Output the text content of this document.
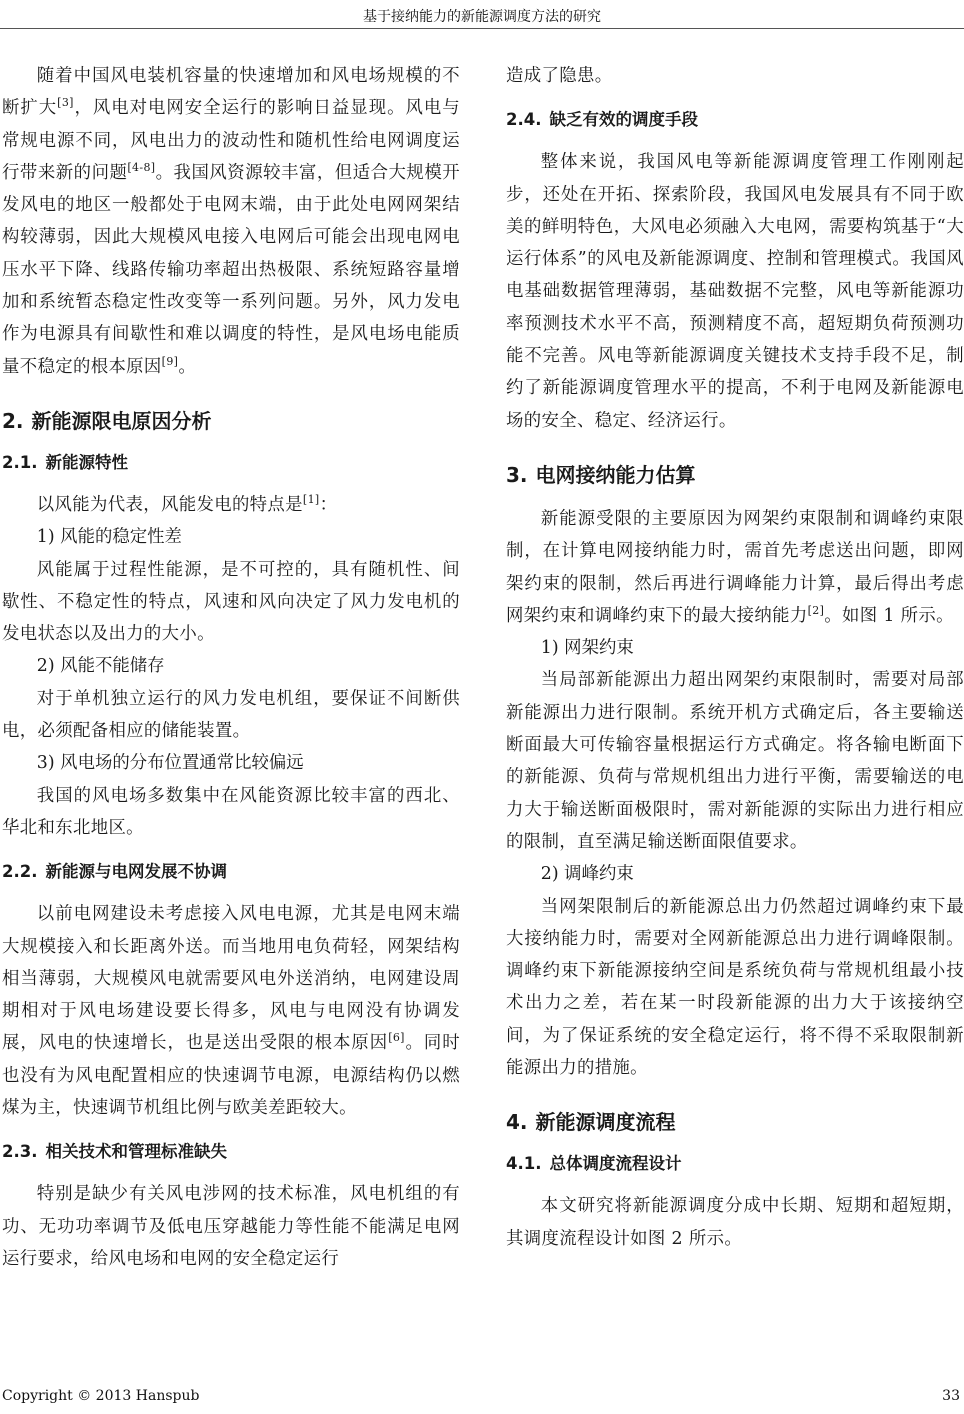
基于接纳能力的新能源调度方法的研究

随着中国风电装机容量的快速增加和风电场规模的不断扩大[3]，风电对电网安全运行的影响日益显现。风电与常规电源不同，风电出力的波动性和随机性给电网调度运行带来新的问题[4-8]。我国风资源较丰富，但适合大规模开发风电的地区一般都处于电网末端，由于此处电网网架结构较薄弱，因此大规模风电接入电网后可能会出现电网电压水平下降、线路传输功率超出热极限、系统短路容量增加和系统暂态稳定性改变等一系列问题。另外，风力发电作为电源具有间歇性和难以调度的特性，是风电场电能质量不稳定的根本原因[9]。

2. 新能源限电原因分析
2.1. 新能源特性

以风能为代表，风能发电的特点是[1]：

1) 风能的稳定性差

风能属于过程性能源，是不可控的，具有随机性、间歇性、不稳定性的特点，风速和风向决定了风力发电机的发电状态以及出力的大小。

2) 风能不能储存

对于单机独立运行的风力发电机组，要保证不间断供电，必须配备相应的储能装置。

3) 风电场的分布位置通常比较偏远

我国的风电场多数集中在风能资源比较丰富的西北、华北和东北地区。

2.2. 新能源与电网发展不协调

以前电网建设未考虑接入风电电源，尤其是电网末端大规模接入和长距离外送。而当地用电负荷轻，网架结构相当薄弱，大规模风电就需要风电外送消纳，电网建设周期相对于风电场建设要长得多，风电与电网没有协调发展，风电的快速增长，也是送出受限的根本原因[6]。同时也没有为风电配置相应的快速调节电源，电源结构仍以燃煤为主，快速调节机组比例与欧美差距较大。

2.3. 相关技术和管理标准缺失

特别是缺少有关风电涉网的技术标准，风电机组的有功、无功功率调节及低电压穿越能力等性能不能满足电网运行要求，给风电场和电网的安全稳定运行

造成了隐患。

2.4. 缺乏有效的调度手段

整体来说，我国风电等新能源调度管理工作刚刚起步，还处在开拓、探索阶段，我国风电发展具有不同于欧美的鲜明特色，大风电必须融入大电网，需要构筑基于“大运行体系”的风电及新能源调度、控制和管理模式。我国风电基础数据管理薄弱，基础数据不完整，风电等新能源功率预测技术水平不高，预测精度不高，超短期负荷预测功能不完善。风电等新能源调度关键技术支持手段不足，制约了新能源调度管理水平的提高，不利于电网及新能源电场的安全、稳定、经济运行。

3. 电网接纳能力估算

新能源受限的主要原因为网架约束限制和调峰约束限制，在计算电网接纳能力时，需首先考虑送出问题，即网架约束的限制，然后再进行调峰能力计算，最后得出考虑网架约束和调峰约束下的最大接纳能力[2]。如图 1 所示。

1) 网架约束

当局部新能源出力超出网架约束限制时，需要对局部新能源出力进行限制。系统开机方式确定后，各主要输送断面最大可传输容量根据运行方式确定。将各输电断面下的新能源、负荷与常规机组出力进行平衡，需要输送的电力大于输送断面极限时，需对新能源的实际出力进行相应的限制，直至满足输送断面限值要求。

2) 调峰约束

当网架限制后的新能源总出力仍然超过调峰约束下最大接纳能力时，需要对全网新能源总出力进行调峰限制。调峰约束下新能源接纳空间是系统负荷与常规机组最小技术出力之差，若在某一时段新能源的出力大于该接纳空间，为了保证系统的安全稳定运行，将不得不采取限制新能源出力的措施。

4. 新能源调度流程
4.1. 总体调度流程设计

本文研究将新能源调度分成中长期、短期和超短期，其调度流程设计如图 2 所示。

Copyright © 2013 Hanspub	33
